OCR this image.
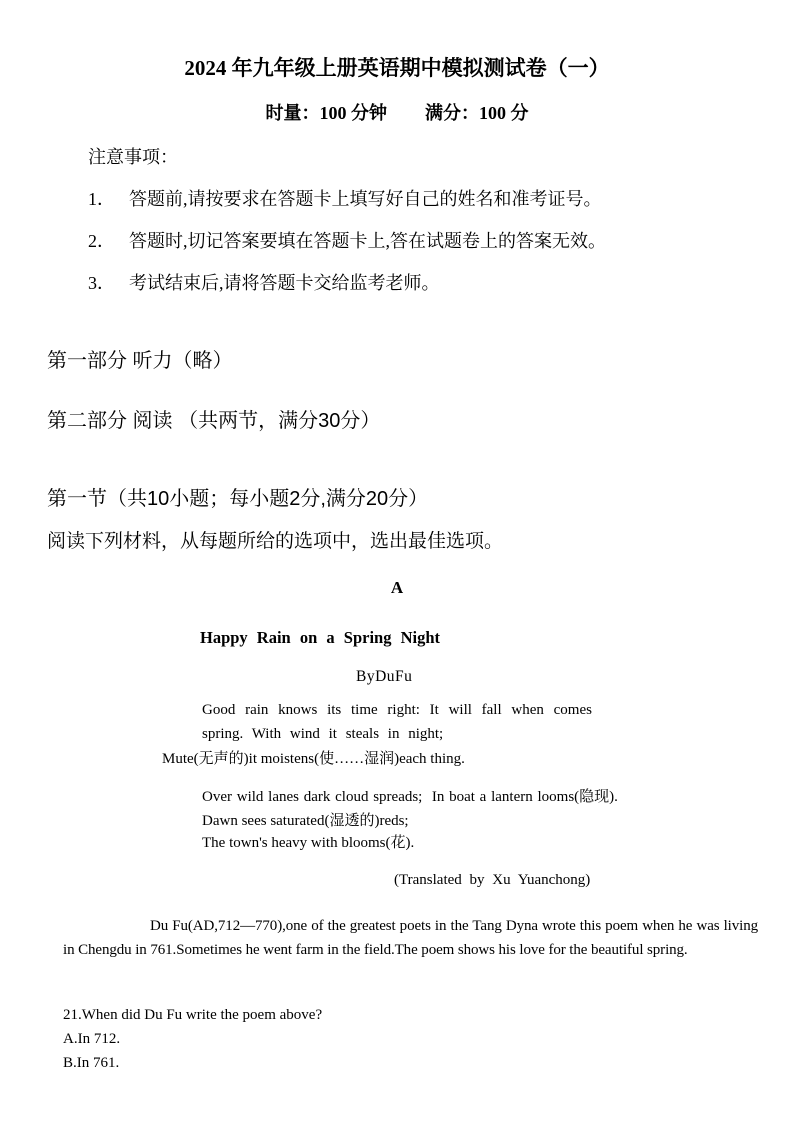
2024 年九年级上册英语期中模拟测试卷（一）
时量：100 分钟 满分：100 分
注意事项：
1． 答题前,请按要求在答题卡上填写好自己的姓名和准考证号。
2． 答题时,切记答案要填在答题卡上,答在试题卷上的答案无效。
3． 考试结束后,请将答题卡交给监考老师。
第一部分 听力（略）
第二部分 阅读 （共两节，满分30分）
第一节（共10小题；每小题2分,满分20分）
阅读下列材料，从每题所给的选项中，选出最佳选项。
A
Happy Rain on a Spring Night
ByDuFu
Good rain knows its time right: It will fall when comes
spring. With wind it steals in night;
Mute(无声的)it moistens(使……湿润)each thing.
Over wild lanes dark cloud spreads;  In boat a lantern looms(隐现).
Dawn sees saturated(湿透的)reds;
The town's heavy with blooms(花).
(Translated by Xu Yuanchong)
Du Fu(AD,712—770),one of the greatest poets in the Tang Dyna wrote this poem when he was living in Chengdu in 761.Sometimes he went farm in the field.The poem shows his love for the beautiful spring.
21.When did Du Fu write the poem above?
A.In 712.
B.In 761.
